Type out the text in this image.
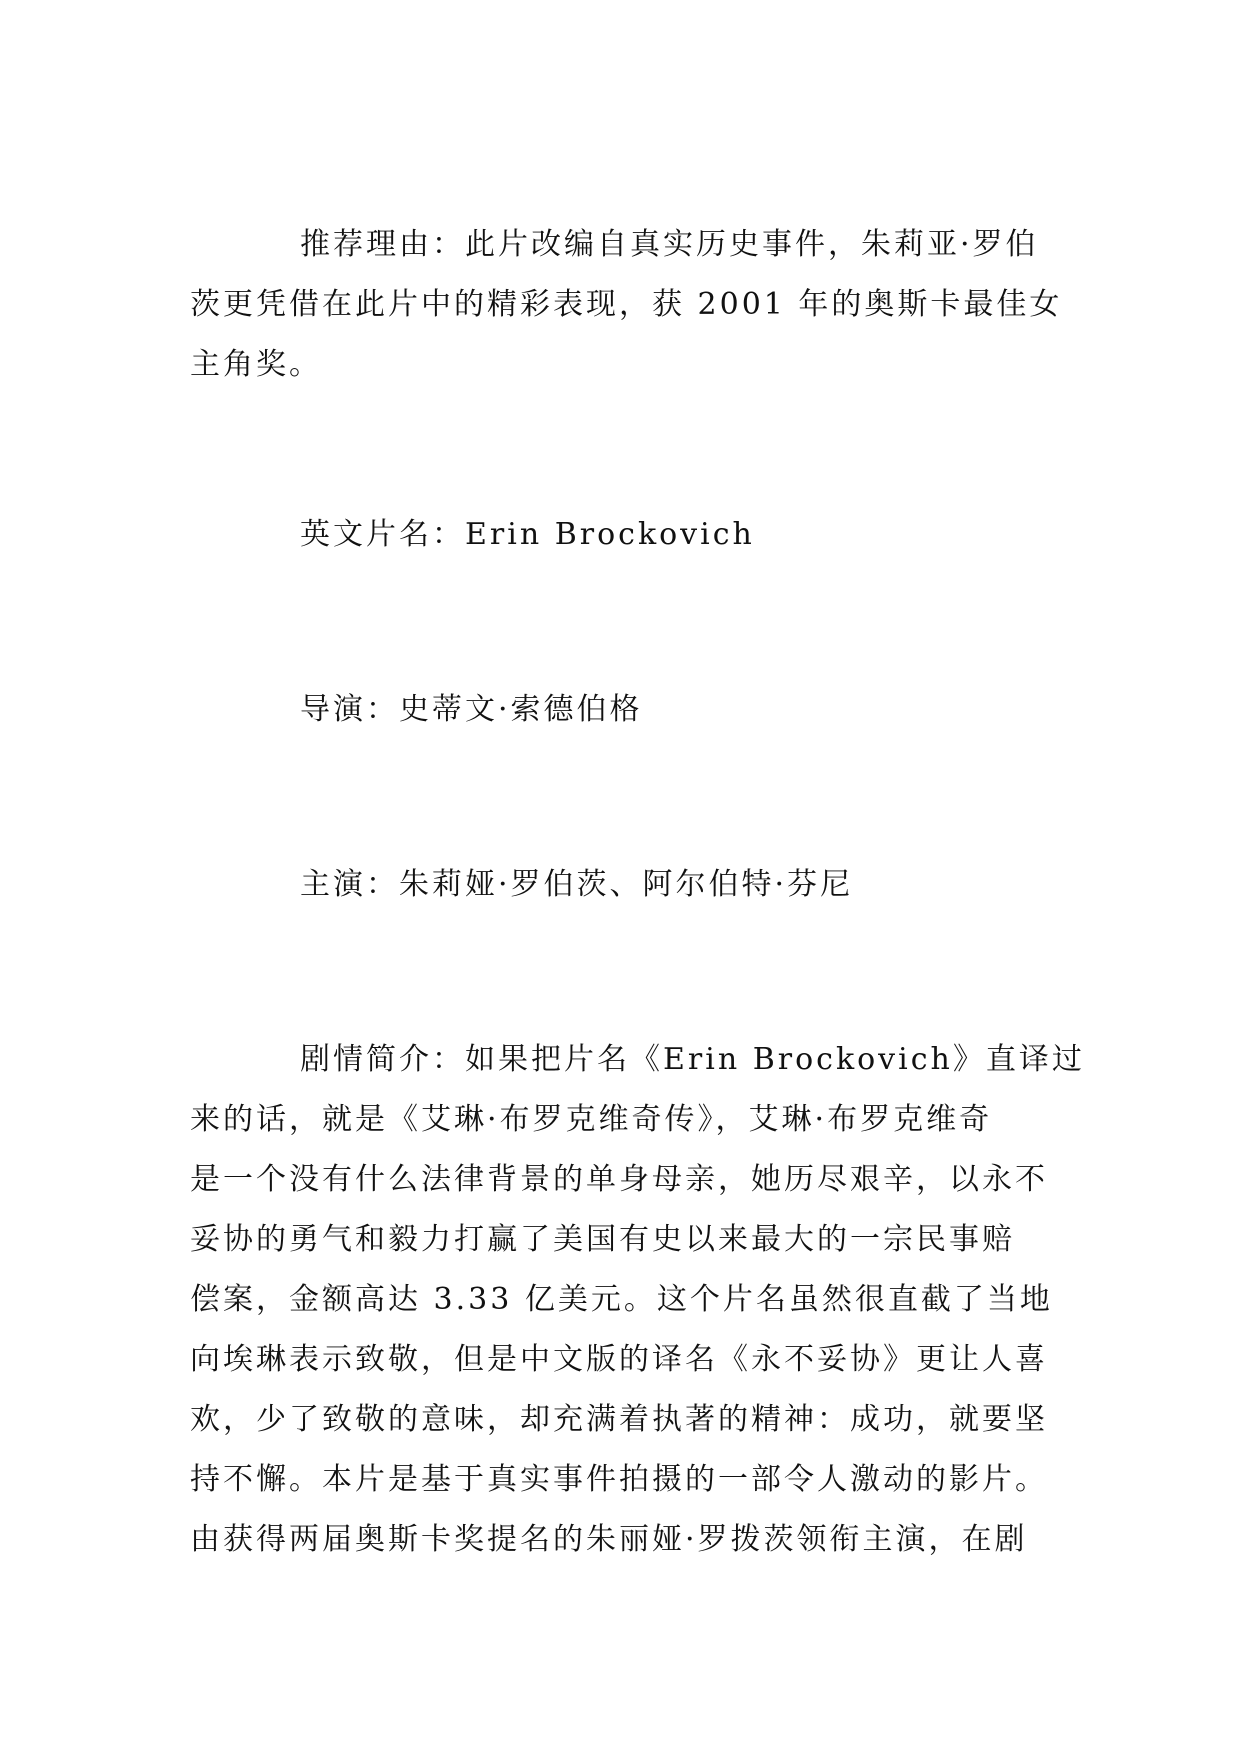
推荐理由：此片改编自真实历史事件，朱莉亚·罗伯
茨更凭借在此片中的精彩表现，获 2001 年的奥斯卡最佳女
主角奖。

英文片名：Erin Brockovich

导演：史蒂文·索德伯格

主演：朱莉娅·罗伯茨、阿尔伯特·芬尼

剧情简介：如果把片名《Erin Brockovich》直译过
来的话，就是《艾琳·布罗克维奇传》，艾琳·布罗克维奇
是一个没有什么法律背景的单身母亲，她历尽艰辛，以永不
妥协的勇气和毅力打赢了美国有史以来最大的一宗民事赔
偿案，金额高达 3.33 亿美元。这个片名虽然很直截了当地
向埃琳表示致敬，但是中文版的译名《永不妥协》更让人喜
欢，少了致敬的意味，却充满着执著的精神：成功，就要坚
持不懈。本片是基于真实事件拍摄的一部令人激动的影片。
由获得两届奥斯卡奖提名的朱丽娅·罗拨茨领衔主演，在剧
